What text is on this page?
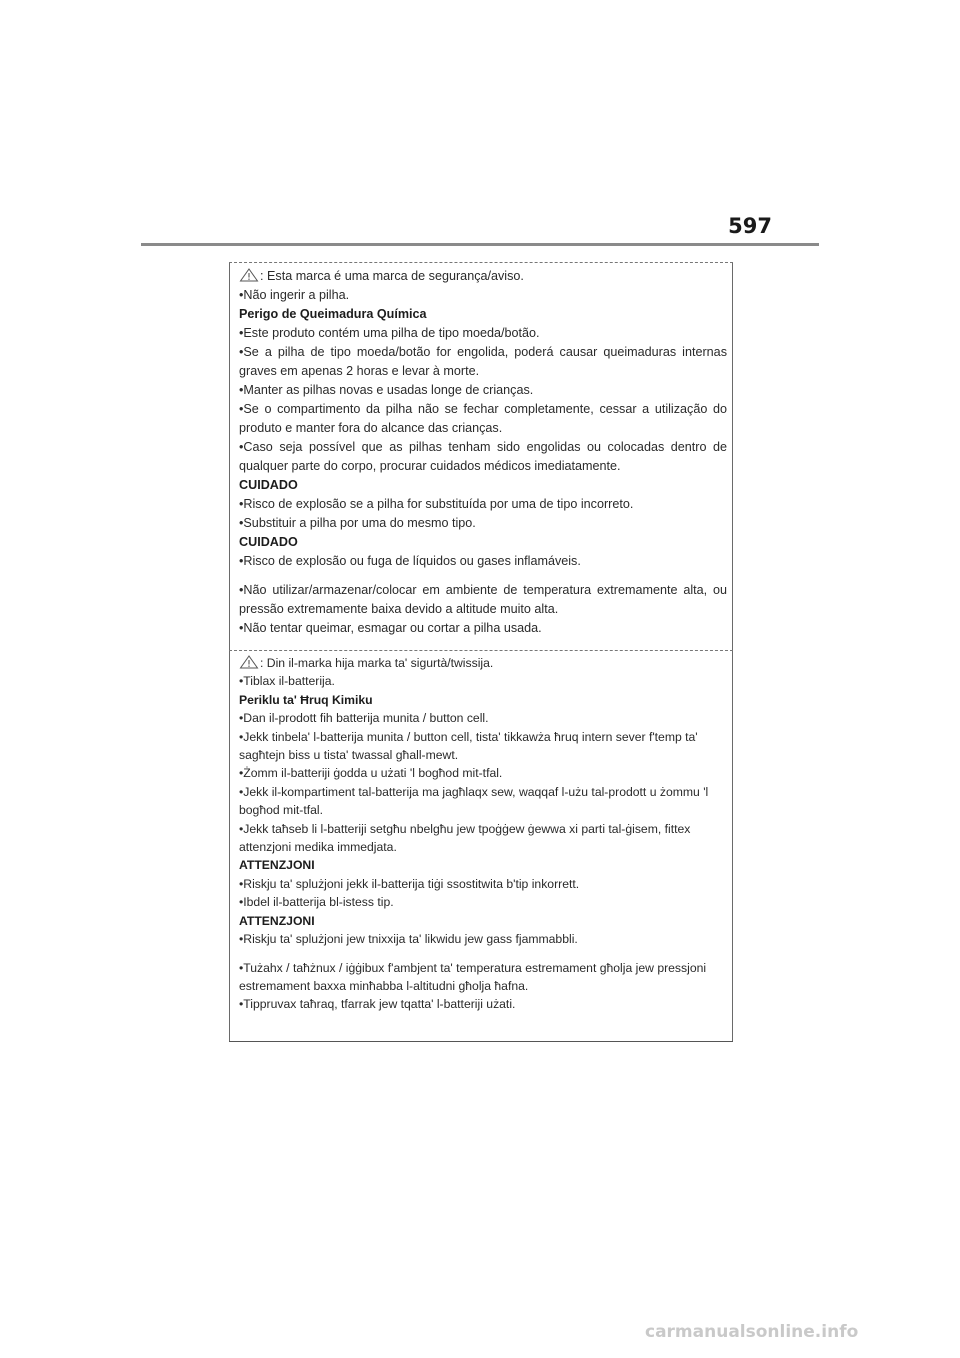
597

: Esta marca é uma marca de segurança/aviso.

•Não ingerir a pilha.

Perigo de Queimadura Química

•Este produto contém uma pilha de tipo moeda/botão.

•Se a pilha de tipo moeda/botão for engolida, poderá causar queimaduras internas graves em apenas 2 horas e levar à morte.

•Manter as pilhas novas e usadas longe de crianças.

•Se o compartimento da pilha não se fechar completamente, cessar a utilização do produto e manter fora do alcance das crianças.

•Caso seja possível que as pilhas tenham sido engolidas ou colocadas dentro de qualquer parte do corpo, procurar cuidados médicos imediatamente.

CUIDADO

•Risco de explosão se a pilha for substituída por uma de tipo incorreto.

•Substituir a pilha por uma do mesmo tipo.

CUIDADO

•Risco de explosão ou fuga de líquidos ou gases inflamáveis.

•Não utilizar/armazenar/colocar em ambiente de temperatura extremamente alta, ou pressão extremamente baixa devido a altitude muito alta.

•Não tentar queimar, esmagar ou cortar a pilha usada.

: Din il-marka hija marka ta' sigurtà/twissija.

•Tiblax il-batterija.

Periklu ta' Ħruq Kimiku

•Dan il-prodott fih batterija munita / button cell.

•Jekk tinbela' l-batterija munita / button cell, tista' tikkawża ħruq intern sever f'temp ta' sagħtejn biss u tista' twassal għall-mewt.

•Żomm il-batteriji ġodda u użati 'l bogħod mit-tfal.

•Jekk il-kompartiment tal-batterija ma jagħlaqx sew, waqqaf l-użu tal-prodott u żommu 'l bogħod mit-tfal.

•Jekk taħseb li l-batteriji setgħu nbelgħu jew tpoġġew ġewwa xi parti tal-ġisem, fittex attenzjoni medika immedjata.

ATTENZJONI

•Riskju ta' splużjoni jekk il-batterija tiġi ssostitwita b'tip inkorrett.

•Ibdel il-batterija bl-istess tip.

ATTENZJONI

•Riskju ta' splużjoni jew tnixxija ta' likwidu jew gass fjammabbli.

•Tużahx / taħżnux / iġġibux f'ambjent ta' temperatura estremament għolja jew pressjoni estremament baxxa minħabba l-altitudni għolja ħafna.

•Tippruvax taħraq, tfarrak jew tqatta' l-batteriji użati.

carmanualsonline.info
